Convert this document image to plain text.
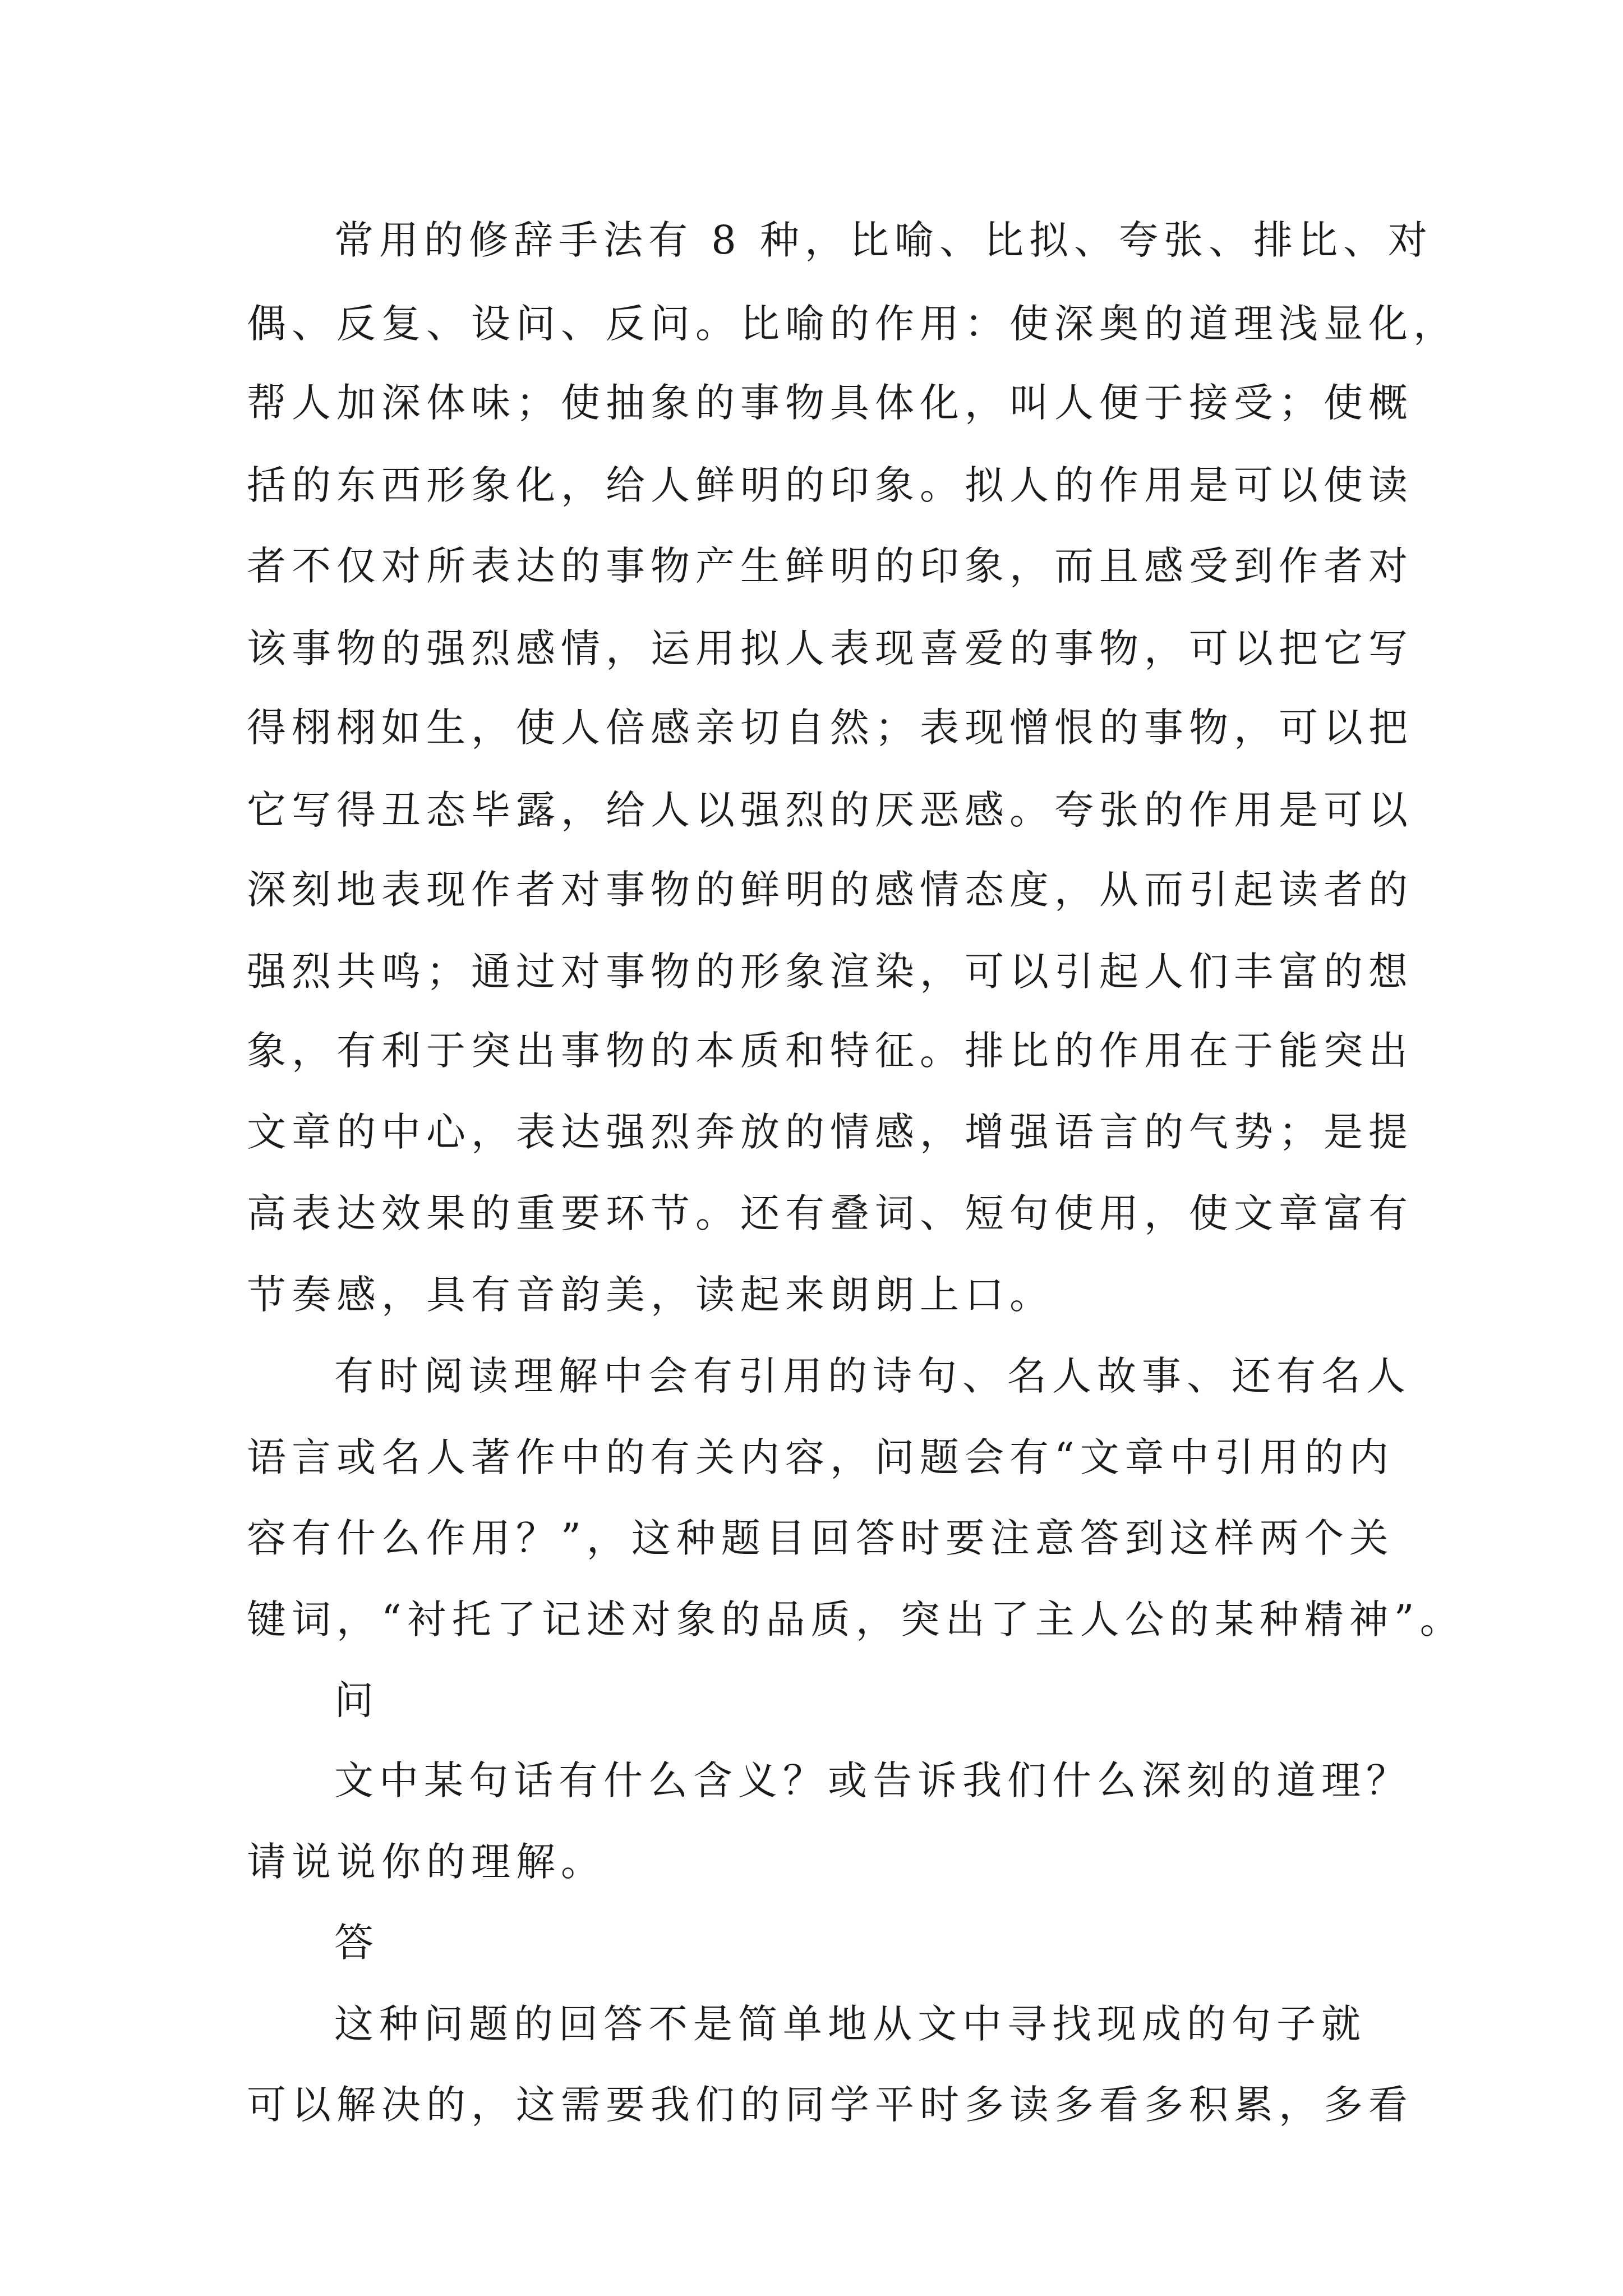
常用的修辞手法有 8 种，比喻、比拟、夸张、排比、对
偶、反复、设问、反问。比喻的作用：使深奥的道理浅显化，
帮人加深体味；使抽象的事物具体化，叫人便于接受；使概
括的东西形象化，给人鲜明的印象。拟人的作用是可以使读
者不仅对所表达的事物产生鲜明的印象，而且感受到作者对
该事物的强烈感情，运用拟人表现喜爱的事物，可以把它写
得栩栩如生，使人倍感亲切自然；表现憎恨的事物，可以把
它写得丑态毕露，给人以强烈的厌恶感。夸张的作用是可以
深刻地表现作者对事物的鲜明的感情态度，从而引起读者的
强烈共鸣；通过对事物的形象渲染，可以引起人们丰富的想
象，有利于突出事物的本质和特征。排比的作用在于能突出
文章的中心，表达强烈奔放的情感，增强语言的气势；是提
高表达效果的重要环节。还有叠词、短句使用，使文章富有
节奏感，具有音韵美，读起来朗朗上口。
有时阅读理解中会有引用的诗句、名人故事、还有名人
语言或名人著作中的有关内容，问题会有“文章中引用的内
容有什么作用？”，这种题目回答时要注意答到这样两个关
键词，“衬托了记述对象的品质，突出了主人公的某种精神”。
问
文中某句话有什么含义？或告诉我们什么深刻的道理？
请说说你的理解。
答
这种问题的回答不是简单地从文中寻找现成的句子就
可以解决的，这需要我们的同学平时多读多看多积累，多看
